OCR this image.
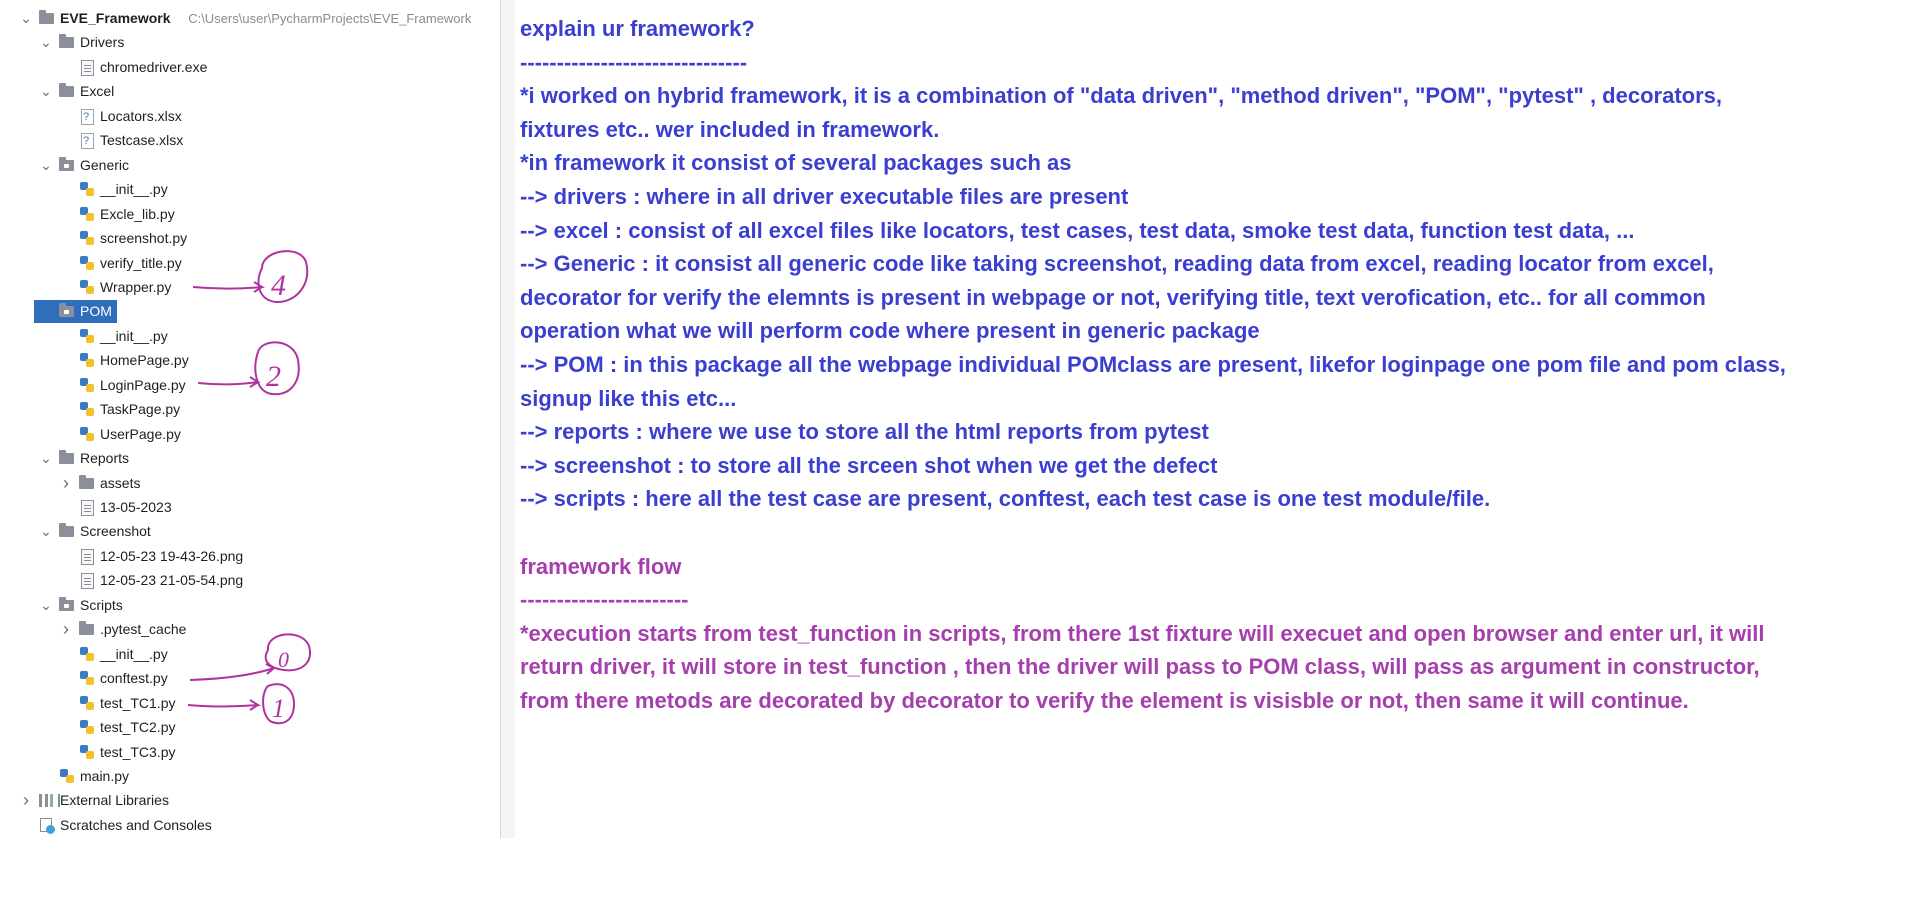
⌄ EVE_Framework C:\Users\user\PycharmProjects\EVE_Framework
⌄ Drivers
chromedriver.exe
⌄ Excel
?
Locators.xlsx
?
Testcase.xlsx
⌄ Generic
__init__.py
Excle_lib.py
screenshot.py
verify_title.py
Wrapper.py
POM
__init__.py
HomePage.py
LoginPage.py
TaskPage.py
UserPage.py
⌄ Reports
› assets
13-05-2023
⌄ Screenshot
12-05-23 19-43-26.png
12-05-23 21-05-54.png
⌄ Scripts
› .pytest_cache
__init__.py
conftest.py
test_TC1.py
test_TC2.py
test_TC3.py
main.py
› External Libraries
Scratches and Consoles
4
2
0
1
explain ur framework?
-------------------------------
*i worked on hybrid framework, it is a combination of "data driven", "method driven", "POM", "pytest" , decorators,
fixtures etc.. wer included in framework.
*in framework it consist of several packages such as
--> drivers : where in all driver executable files are present
--> excel : consist of all excel files like locators, test cases, test data, smoke test data, function test data, ...
--> Generic : it consist all generic code like taking screenshot, reading data from excel, reading locator from excel,
decorator for verify the elemnts is present in webpage or not, verifying title, text verofication, etc.. for all common
operation what we will perform code where present in generic package
--> POM : in this package all the webpage individual POMclass are present, likefor loginpage one pom file and pom class,
signup like this etc...
--> reports : where we use to store all the html reports from pytest
--> screenshot : to store all the srceen shot when we get the defect
--> scripts : here all the test case are present, conftest, each test case is one test module/file.
framework flow
-----------------------
*execution starts from test_function in scripts, from there 1st fixture will execuet and open browser and enter url, it will
return driver, it will store in test_function , then the driver will pass to POM class, will pass as argument in constructor,
from there metods are decorated by decorator to verify the element is visisble or not, then same it will continue.
